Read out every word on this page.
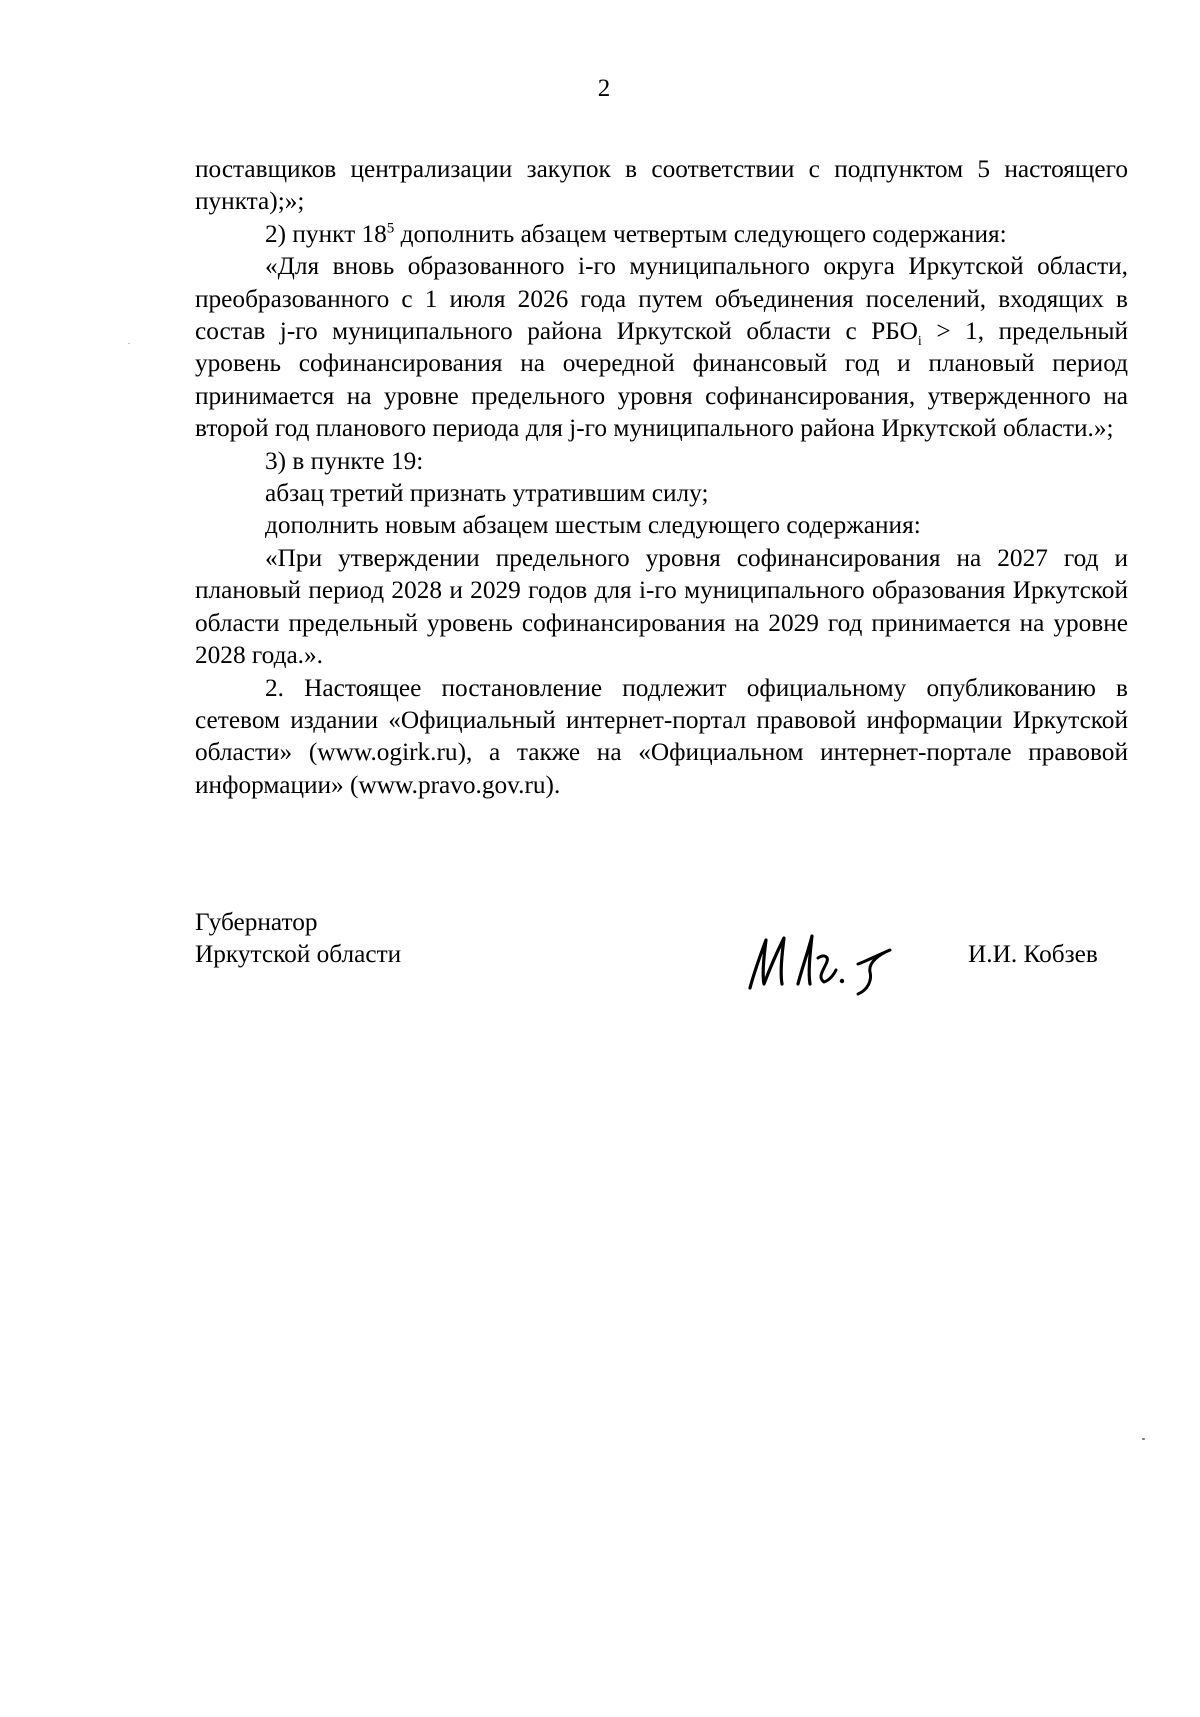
2

поставщиков централизации закупок в соответствии с подпунктом 5 настоящего пункта);»;

2) пункт $18^5$ дополнить абзацем четвертым следующего содержания:

«Для вновь образованного i-го муниципального округа Иркутской области, преобразованного с 1 июля 2026 года путем объединения поселений, входящих в состав j-го муниципального района Иркутской области с $РБО_i > 1$, предельный уровень софинансирования на очередной финансовый год и плановый период принимается на уровне предельного уровня софинансирования, утвержденного на второй год планового периода для j-го муниципального района Иркутской области.»;

3) в пункте 19:

абзац третий признать утратившим силу;

дополнить новым абзацем шестым следующего содержания:

«При утверждении предельного уровня софинансирования на 2027 год и плановый период 2028 и 2029 годов для i-го муниципального образования Иркутской области предельный уровень софинансирования на 2029 год принимается на уровне 2028 года.».

2. Настоящее постановление подлежит официальному опубликованию в сетевом издании «Официальный интернет-портал правовой информации Иркутской области» (www.ogirk.ru), а также на «Официальном интернет-портале правовой информации» (www.pravo.gov.ru).

Губернатор
Иркутской области	И.И. Кобзев
